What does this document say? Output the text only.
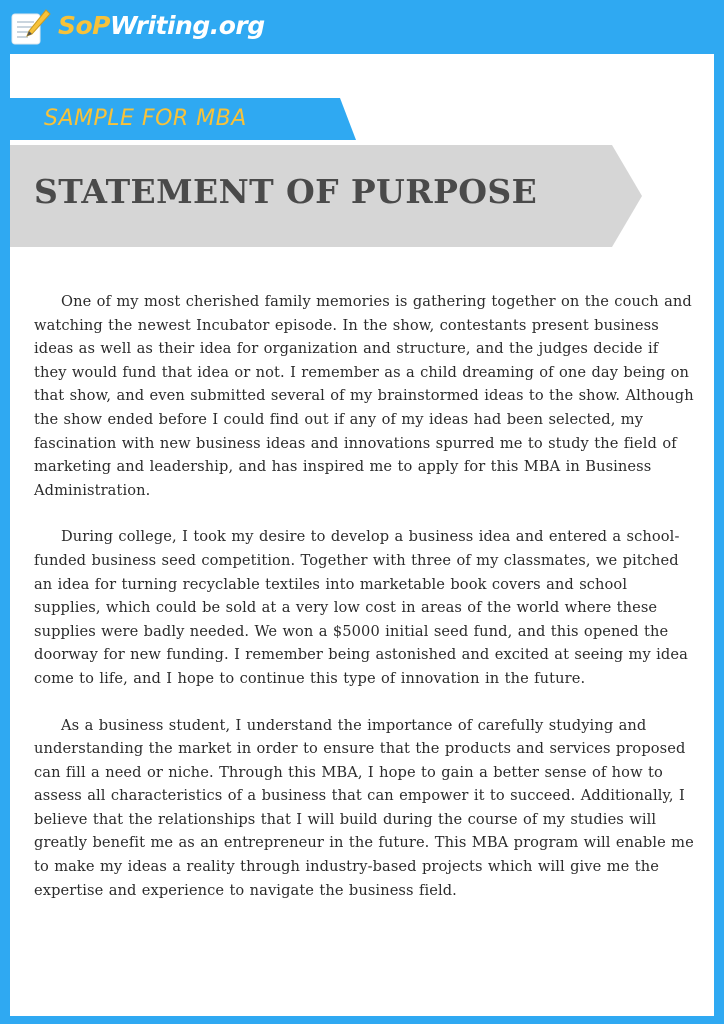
SoPWriting.org
SAMPLE FOR MBA
STATEMENT OF PURPOSE

One of my most cherished family memories is gathering together on the couch and watching the newest Incubator episode. In the show, contestants present business ideas as well as their idea for organization and structure, and the judges decide if they would fund that idea or not. I remember as a child dreaming of one day being on that show, and even submitted several of my brainstormed ideas to the show. Although the show ended before I could find out if any of my ideas had been selected, my fascination with new business ideas and innovations spurred me to study the field of marketing and leadership, and has inspired me to apply for this MBA in Business Administration.

During college, I took my desire to develop a business idea and entered a school-funded business seed competition. Together with three of my classmates, we pitched an idea for turning recyclable textiles into marketable book covers and school supplies, which could be sold at a very low cost in areas of the world where these supplies were badly needed. We won a $5000 initial seed fund, and this opened the doorway for new funding. I remember being astonished and excited at seeing my idea come to life, and I hope to continue this type of innovation in the future.

As a business student, I understand the importance of carefully studying and understanding the market in order to ensure that the products and services proposed can fill a need or niche. Through this MBA, I hope to gain a better sense of how to assess all characteristics of a business that can empower it to succeed. Additionally, I believe that the relationships that I will build during the course of my studies will greatly benefit me as an entrepreneur in the future. This MBA program will enable me to make my ideas a reality through industry-based projects which will give me the expertise and experience to navigate the business field.
